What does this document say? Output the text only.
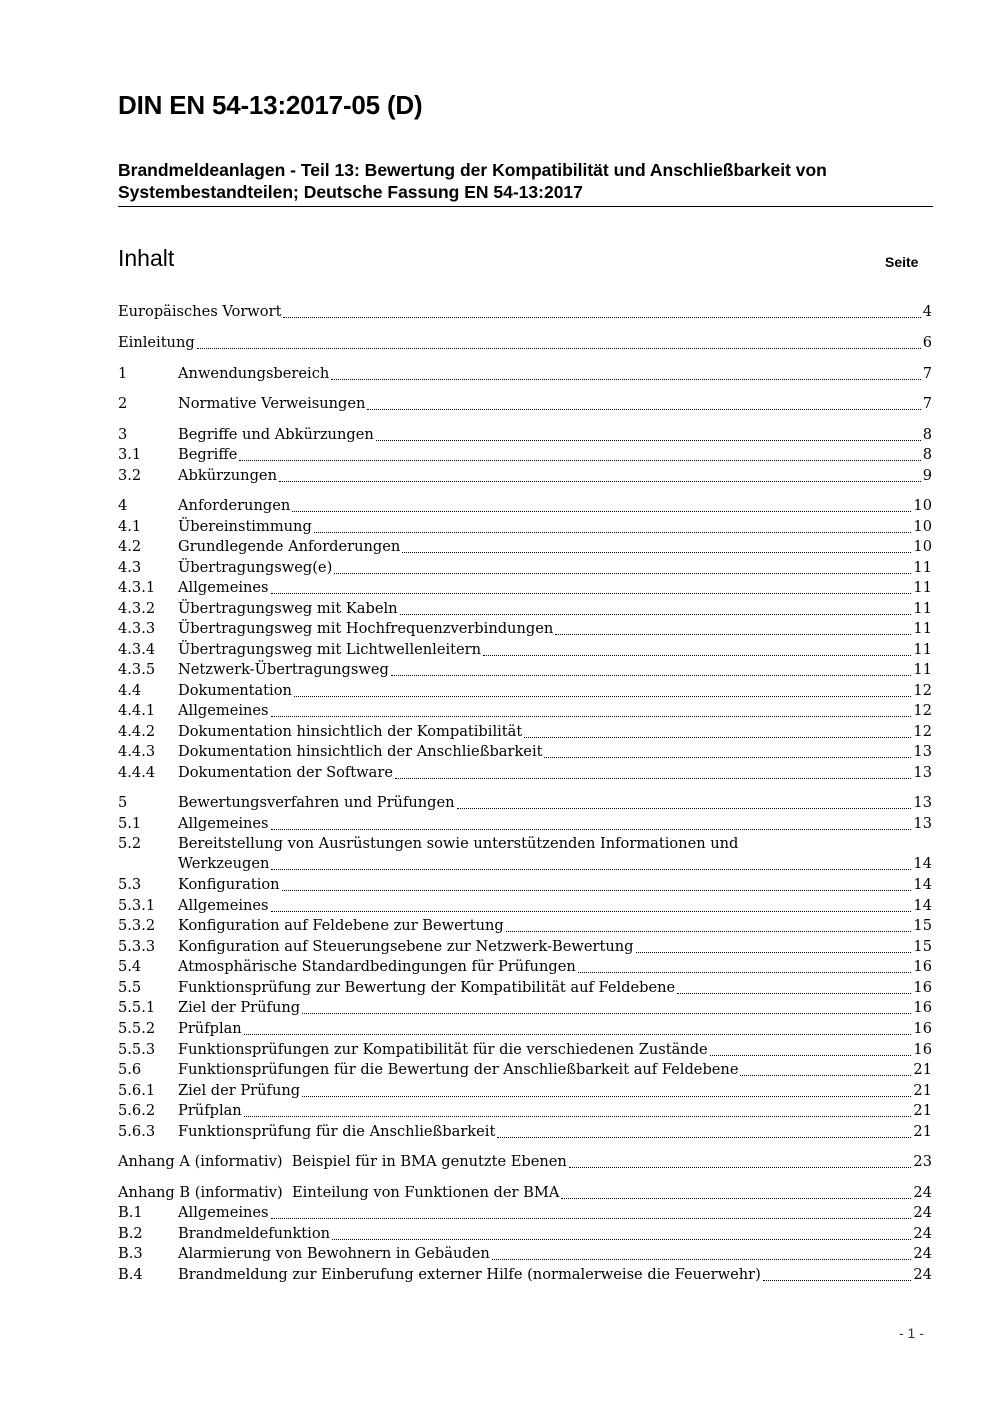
DIN EN 54-13:2017-05 (D)
Brandmeldeanlagen - Teil 13: Bewertung der Kompatibilität und Anschließbarkeit von Systembestandteilen; Deutsche Fassung EN 54-13:2017
Inhalt	Seite
Europäisches Vorwort	4
Einleitung	6
1	Anwendungsbereich	7
2	Normative Verweisungen	7
3	Begriffe und Abkürzungen	8
3.1	Begriffe	8
3.2	Abkürzungen	9
4	Anforderungen	10
4.1	Übereinstimmung	10
4.2	Grundlegende Anforderungen	10
4.3	Übertragungsweg(e)	11
4.3.1	Allgemeines	11
4.3.2	Übertragungsweg mit Kabeln	11
4.3.3	Übertragungsweg mit Hochfrequenzverbindungen	11
4.3.4	Übertragungsweg mit Lichtwellenleitern	11
4.3.5	Netzwerk-Übertragungsweg	11
4.4	Dokumentation	12
4.4.1	Allgemeines	12
4.4.2	Dokumentation hinsichtlich der Kompatibilität	12
4.4.3	Dokumentation hinsichtlich der Anschließbarkeit	13
4.4.4	Dokumentation der Software	13
5	Bewertungsverfahren und Prüfungen	13
5.1	Allgemeines	13
5.2	Bereitstellung von Ausrüstungen sowie unterstützenden Informationen und
Werkzeugen	14
5.3	Konfiguration	14
5.3.1	Allgemeines	14
5.3.2	Konfiguration auf Feldebene zur Bewertung	15
5.3.3	Konfiguration auf Steuerungsebene zur Netzwerk-Bewertung	15
5.4	Atmosphärische Standardbedingungen für Prüfungen	16
5.5	Funktionsprüfung zur Bewertung der Kompatibilität auf Feldebene	16
5.5.1	Ziel der Prüfung	16
5.5.2	Prüfplan	16
5.5.3	Funktionsprüfungen zur Kompatibilität für die verschiedenen Zustände	16
5.6	Funktionsprüfungen für die Bewertung der Anschließbarkeit auf Feldebene	21
5.6.1	Ziel der Prüfung	21
5.6.2	Prüfplan	21
5.6.3	Funktionsprüfung für die Anschließbarkeit	21
Anhang A (informativ)  Beispiel für in BMA genutzte Ebenen	23
Anhang B (informativ)  Einteilung von Funktionen der BMA	24
B.1	Allgemeines	24
B.2	Brandmeldefunktion	24
B.3	Alarmierung von Bewohnern in Gebäuden	24
B.4	Brandmeldung zur Einberufung externer Hilfe (normalerweise die Feuerwehr)	24
- 1 -
